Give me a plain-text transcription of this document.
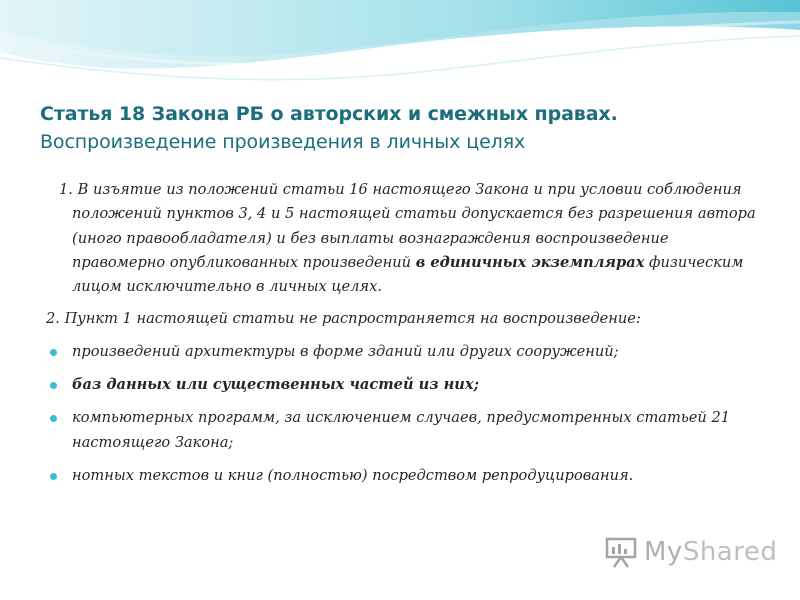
Статья 18 Закона РБ о авторских и смежных правах.
Воспроизведение произведения в личных целях

1. В изъятие из положений статьи 16 настоящего Закона и при условии соблюдения положений пунктов 3, 4 и 5 настоящей статьи допускается без разрешения автора (иного правообладателя) и без выплаты вознаграждения воспроизведение правомерно опубликованных произведений в единичных экземплярах физическим лицом исключительно в личных целях.

2. Пункт 1 настоящей статьи не распространяется на воспроизведение:

произведений архитектуры в форме зданий или других сооружений;
баз данных или существенных частей из них;
компьютерных программ, за исключением случаев, предусмотренных статьей 21 настоящего Закона;
нотных текстов и книг (полностью) посредством репродуцирования.
MyShared
